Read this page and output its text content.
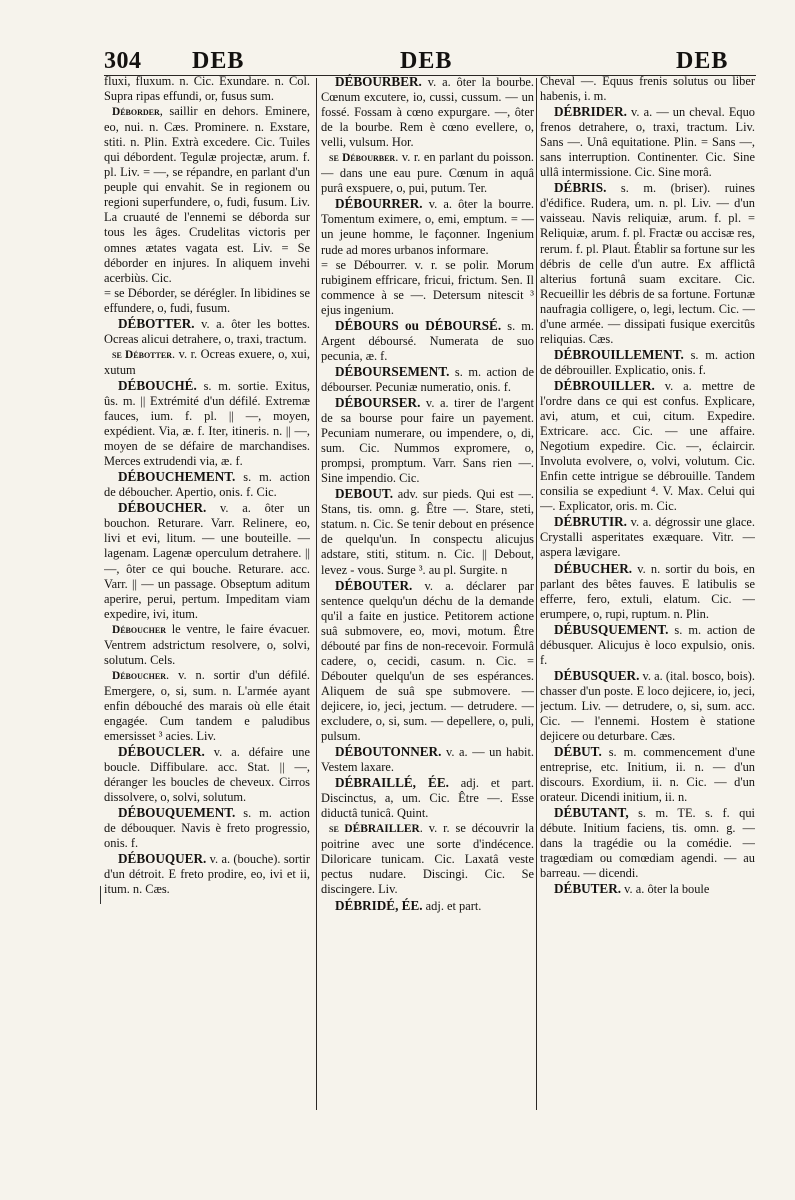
304 DEB	DEB	DEB

fluxi, fluxum. n. Cic. Exundare. n. Col. Supra ripas effundi, or, fusus sum.

Déborder, saillir en dehors. Eminere, eo, nui. n. Cæs. Prominere. n. Exstare, stiti. n. Plin. Extrà excedere. Cic. Tuiles qui débordent. Tegulæ projectæ, arum. f. pl. Liv. = —, se répandre, en parlant d'un peuple qui envahit. Se in regionem ou regioni superfundere, o, fudi, fusum. Liv. La cruauté de l'ennemi se déborda sur tous les âges. Crudelitas victoris per omnes ætates vagata est. Liv. = Se déborder en injures. In aliquem invehi acerbiùs. Cic.

= se Déborder, se dérégler. In libidines se effundere, o, fudi, fusum.

DÉBOTTER. v. a. ôter les bottes. Ocreas alicui detrahere, o, traxi, tractum.

se Débotter. v. r. Ocreas exuere, o, xui, xutum

DÉBOUCHÉ. s. m. sortie. Exitus, ûs. m. || Extrémité d'un défilé. Extremæ fauces, ium. f. pl. || —, moyen, expédient. Via, æ. f. Iter, itineris. n. || —, moyen de se défaire de marchandises. Merces extrudendi via, æ. f.

DÉBOUCHEMENT. s. m. action de déboucher. Apertio, onis. f. Cic.

DÉBOUCHER. v. a. ôter un bouchon. Returare. Varr. Relinere, eo, livi et evi, litum. — une bouteille. — lagenam. Lagenæ operculum detrahere. ||—, ôter ce qui bouche. Returare. acc. Varr. || — un passage. Obseptum aditum aperire, perui, pertum. Impeditam viam expedire, ivi, itum.

Déboucher le ventre, le faire évacuer. Ventrem adstrictum resolvere, o, solvi, solutum. Cels.

Déboucher. v. n. sortir d'un défilé. Emergere, o, si, sum. n. L'armée ayant enfin débouché des marais où elle était engagée. Cum tandem e paludibus emersisset ³ acies. Liv.

DÉBOUCLER. v. a. défaire une boucle. Diffibulare. acc. Stat. || —, déranger les boucles de cheveux. Cirros dissolvere, o, solvi, solutum.

DÉBOUQUEMENT. s. m. action de débouquer. Navis è freto progressio, onis. f.

DÉBOUQUER. v. a. (bouche). sortir d'un détroit. E freto prodire, eo, ivi et ii, itum. n. Cæs.

DÉBOURBER. v. a. ôter la bourbe. Cœnum excutere, io, cussi, cussum. — un fossé. Fossam à cœno expurgare. —, ôter de la bourbe. Rem è cœno evellere, o, velli, vulsum. Hor.

se Débourber. v. r. en parlant du poisson. — dans une eau pure. Cœnum in aquâ purâ exspuere, o, pui, putum. Ter.

DÉBOURRER. v. a. ôter la bourre. Tomentum eximere, o, emi, emptum. = — un jeune homme, le façonner. Ingenium rude ad mores urbanos informare.

= se Débourrer. v. r. se polir. Morum rubiginem effricare, fricui, frictum. Sen. Il commence à se —. Detersum nitescit ³ ejus ingenium.

DÉBOURS ou DÉBOURSÉ. s. m. Argent déboursé. Numerata de suo pecunia, æ. f.

DÉBOURSEMENT. s. m. action de débourser. Pecuniæ numeratio, onis. f.

DÉBOURSER. v. a. tirer de l'argent de sa bourse pour faire un payement. Pecuniam numerare, ou impendere, o, di, sum. Cic. Nummos expromere, o, prompsi, promptum. Varr. Sans rien —. Sine impendio. Cic.

DEBOUT. adv. sur pieds. Qui est —. Stans, tis. omn. g. Être —. Stare, steti, statum. n. Cic. Se tenir debout en présence de quelqu'un. In conspectu alicujus adstare, stiti, stitum. n. Cic. || Debout, levez - vous. Surge ³. au pl. Surgite. n

DÉBOUTER. v. a. déclarer par sentence quelqu'un déchu de la demande qu'il a faite en justice. Petitorem actione suâ submovere, eo, movi, motum. Être débouté par fins de non-recevoir. Formulâ cadere, o, cecidi, casum. n. Cic. = Débouter quelqu'un de ses espérances. Aliquem de suâ spe submovere. — dejicere, io, jeci, jectum. — detrudere. — excludere, o, si, sum. — depellere, o, puli, pulsum.

DÉBOUTONNER. v. a. — un habit. Vestem laxare.

DÉBRAILLÉ, ÉE. adj. et part. Discinctus, a, um. Cic. Être —. Esse diductâ tunicâ. Quint.

se DÉBRAILLER. v. r. se découvrir la poitrine avec une sorte d'indécence. Diloricare tunicam. Cic. Laxatâ veste pectus nudare. Discingi. Cic. Se discingere. Liv.

DÉBRIDÉ, ÉE. adj. et part.

Cheval —. Equus frenis solutus ou liber habenis, i. m.

DÉBRIDER. v. a. — un cheval. Equo frenos detrahere, o, traxi, tractum. Liv. Sans —. Unâ equitatione. Plin. = Sans —, sans interruption. Continenter. Cic. Sine ullâ intermissione. Cic. Sine morâ.

DÉBRIS. s. m. (briser). ruines d'édifice. Rudera, um. n. pl. Liv. — d'un vaisseau. Navis reliquiæ, arum. f. pl. = Reliquiæ, arum. f. pl. Fractæ ou accisæ res, rerum. f. pl. Plaut. Établir sa fortune sur les débris de celle d'un autre. Ex afflictâ alterius fortunâ suam excitare. Cic. Recueillir les débris de sa fortune. Fortunæ naufragia colligere, o, legi, lectum. Cic. — d'une armée. — dissipati fusique exercitûs reliquias. Cæs.

DÉBROUILLEMENT. s. m. action de débrouiller. Explicatio, onis. f.

DÉBROUILLER. v. a. mettre de l'ordre dans ce qui est confus. Explicare, avi, atum, et cui, citum. Expedire. Extricare. acc. Cic. — une affaire. Negotium expedire. Cic. —, éclaircir. Involuta evolvere, o, volvi, volutum. Cic. Enfin cette intrigue se débrouille. Tandem consilia se expediunt ⁴. V. Max. Celui qui —. Explicator, oris. m. Cic.

DÉBRUTIR. v. a. dégrossir une glace. Crystalli asperitates exæquare. Vitr. — aspera lævigare.

DÉBUCHER. v. n. sortir du bois, en parlant des bêtes fauves. E latibulis se efferre, fero, extuli, elatum. Cic. — erumpere, o, rupi, ruptum. n. Plin.

DÉBUSQUEMENT. s. m. action de débusquer. Alicujus è loco expulsio, onis. f.

DÉBUSQUER. v. a. (ital. bosco, bois). chasser d'un poste. E loco dejicere, io, jeci, jectum. Liv. — detrudere, o, si, sum. acc. Cic. — l'ennemi. Hostem è statione dejicere ou deturbare. Cæs.

DÉBUT. s. m. commencement d'une entreprise, etc. Initium, ii. n. — d'un discours. Exordium, ii. n. Cic. — d'un orateur. Dicendi initium, ii. n.

DÉBUTANT, s. m. TE. s. f. qui débute. Initium faciens, tis. omn. g. — dans la tragédie ou la comédie. — tragœdiam ou comœdiam agendi. — au barreau. — dicendi.

DÉBUTER. v. a. ôter la boule
